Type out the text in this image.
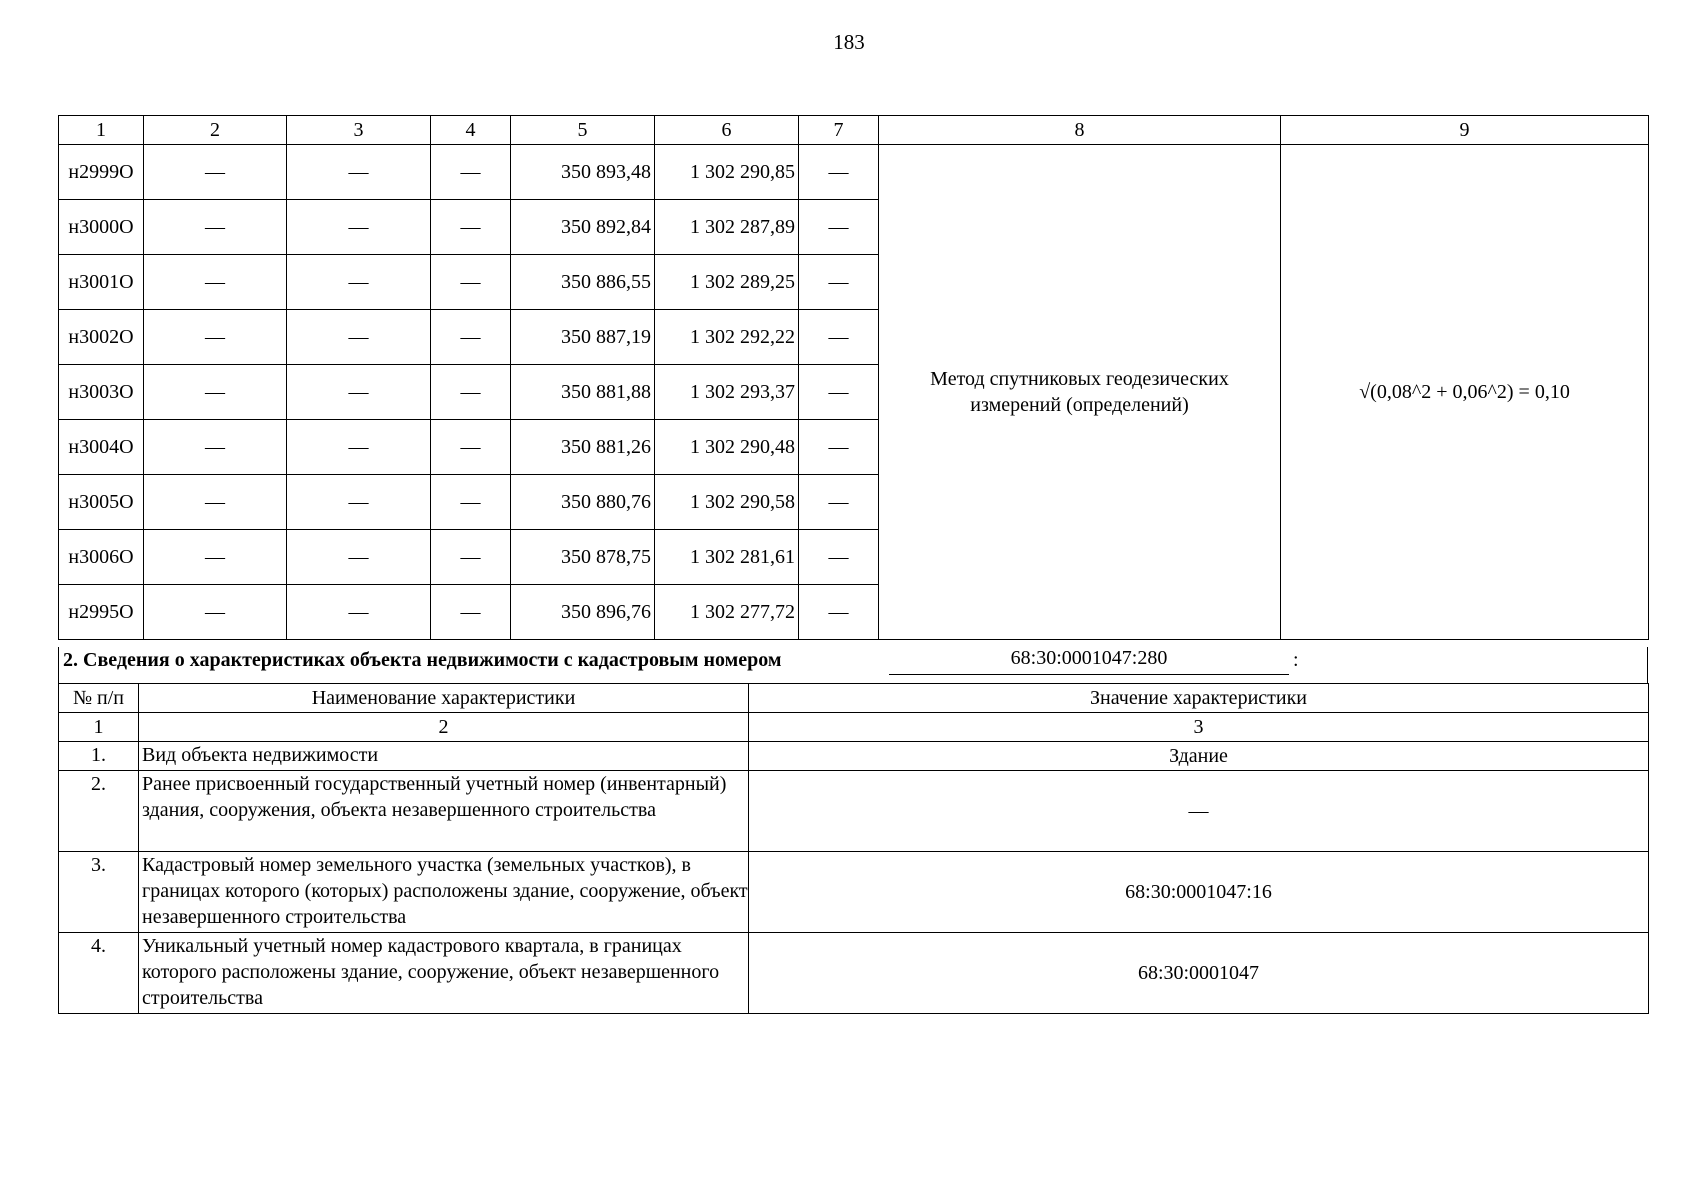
183
1	2	3	4	5	6	7	8	9
н2999О	—	—	—	350 893,48	1 302 290,85	—	Метод спутниковых геодезических измерений (определений)	√(0,08^2 + 0,06^2) = 0,10
н3000О	—	—	—	350 892,84	1 302 287,89	—		
н3001О	—	—	—	350 886,55	1 302 289,25	—		
н3002О	—	—	—	350 887,19	1 302 292,22	—		
н3003О	—	—	—	350 881,88	1 302 293,37	—		
н3004О	—	—	—	350 881,26	1 302 290,48	—		
н3005О	—	—	—	350 880,76	1 302 290,58	—		
н3006О	—	—	—	350 878,75	1 302 281,61	—		
н2995О	—	—	—	350 896,76	1 302 277,72	—		
2. Сведения о характеристиках объекта недвижимости с кадастровым номером	68:30:0001047:280	:
№ п/п	Наименование характеристики	Значение характеристики
1	2	3
1.	Вид объекта недвижимости	Здание
2.	Ранее присвоенный государственный учетный номер (инвентарный) здания, сооружения, объекта незавершенного строительства	—
3.	Кадастровый номер земельного участка (земельных участков), в границах которого (которых) расположены здание, сооружение, объект незавершенного строительства	68:30:0001047:16
4.	Уникальный учетный номер кадастрового квартала, в границах которого расположены здание, сооружение, объект незавершенного строительства	68:30:0001047
